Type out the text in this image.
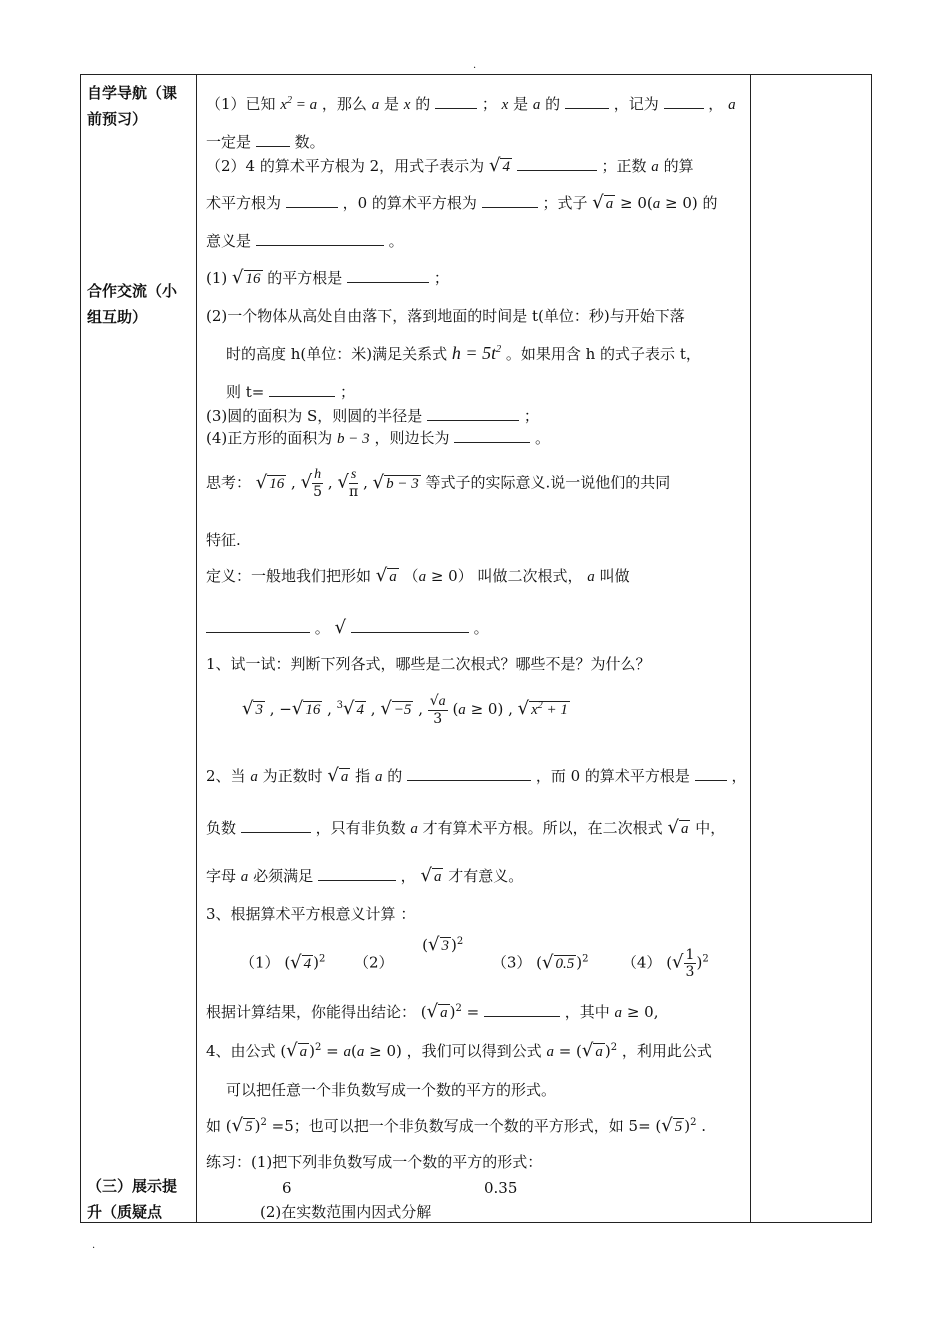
.
.
自学导航（课
前预习）
合作交流（小
组互助）
（三）展示提
升（质疑点
（1）已知 $x^2 = a$ ，那么 a 是 x 的	； x 是 a 的	，记为	， a
一定是	数。
（2）4 的算术平方根为 2，用式子表示为 √ 4	；正数 a 的算
术平方根为	，0 的算术平方根为	；式子 √ a ≥ 0(a ≥ 0) 的
意义是	。
(1) √ 16 的平方根是	；
(2)一个物体从高处自由落下，落到地面的时间是 t(单位：秒)与开始下落
时的高度 h(单位：米)满足关系式 $h = 5t^2$ 。如果用含 h 的式子表示 t，
则 t=	；
(3)圆的面积为 S，则圆的半径是	；
(4)正方形的面积为 b − 3 ，则边长为	。
思考： √ 16 , √ $\frac{h}{5}$ , √ $\frac{s}{\pi}$ , √ b − 3 等式子的实际意义.说一说他们的共同
特征.
定义：一般地我们把形如 √ a （a ≥ 0） 叫做二次根式， a 叫做
。 √	。
1、试一试：判断下列各式，哪些是二次根式？哪些不是？为什么？
√ 3 , −√ 16 , $^3$√ 4 , √ −5 , $\frac{√a}{3} (a \ge 0)$ , √ $x^2 + 1$
2、当 a 为正数时 √ a 指 a 的	，而 0 的算术平方根是	，
负数	，只有非负数 a 才有算术平方根。所以，在二次根式 √ a 中，
字母 a 必须满足	， √ a 才有意义。
3、根据算术平方根意义计算 ：
（1） (√ 4 )$^2$ （2）      (√ 3 )$^2$      （3） (√ 0.5 )$^2$ （4） (√ $\frac{1}{3} )^2$
根据计算结果，你能得出结论： (√ a )$^2$ =	，其中 a ≥ 0,
4、由公式 (√ a )$^2$ = a(a ≥ 0) ，我们可以得到公式 a = (√ a )$^2$ ，利用此公式
可以把任意一个非负数写成一个数的平方的形式。
如 (√ 5 )$^2$ =5；也可以把一个非负数写成一个数的平方形式，如 5= (√ 5 )$^2$ .
练习：(1)把下列非负数写成一个数的平方的形式：
6	0.35
(2)在实数范围内因式分解
